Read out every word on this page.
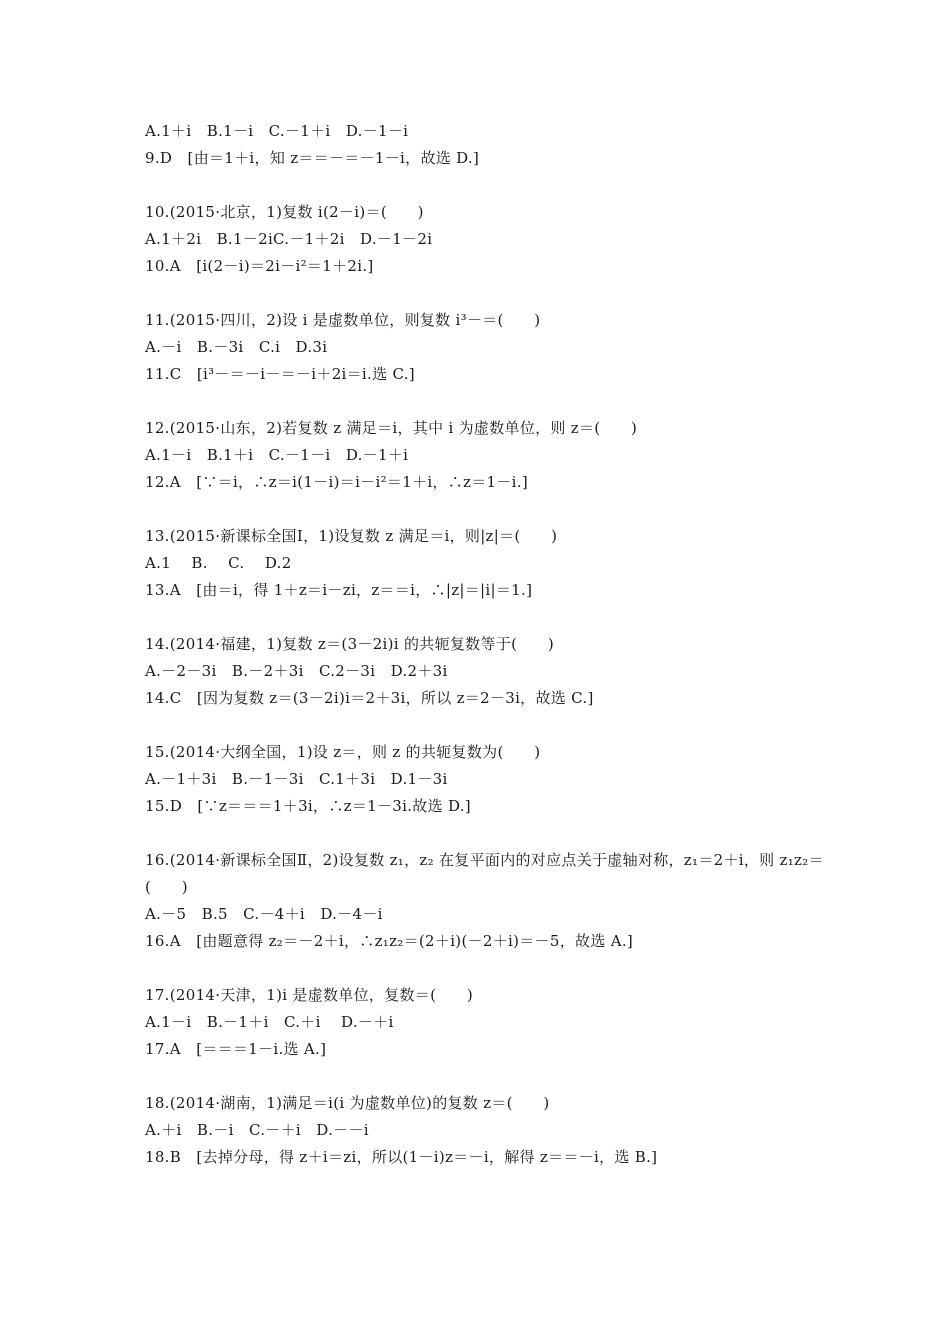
A.1＋i　B.1－i　C.－1＋i　D.－1－i
9.D　[由＝1＋i，知 z＝＝－＝－1－i，故选 D.]
10.(2015·北京，1)复数 i(2－i)＝(　　)
A.1＋2i　B.1－2iC.－1＋2i　D.－1－2i
10.A　[i(2－i)＝2i－i²＝1＋2i.]
11.(2015·四川，2)设 i 是虚数单位，则复数 i³－＝(　　)
A.－i　B.－3i　C.i　D.3i
11.C　[i³－＝－i－＝－i＋2i＝i.选 C.]
12.(2015·山东，2)若复数 z 满足＝i，其中 i 为虚数单位，则 z＝(　　)
A.1－i　B.1＋i　C.－1－i　D.－1＋i
12.A　[∵＝i，∴z＝i(1－i)＝i－i²＝1＋i，∴z＝1－i.]
13.(2015·新课标全国Ⅰ，1)设复数 z 满足＝i，则|z|＝(　　)
A.1　 B.　 C.　 D.2
13.A　[由＝i，得 1＋z＝i－zi，z＝＝i，∴|z|＝|i|＝1.]
14.(2014·福建，1)复数 z＝(3－2i)i 的共轭复数等于(　　)
A.－2－3i　B.－2＋3i　C.2－3i　D.2＋3i
14.C　[因为复数 z＝(3－2i)i＝2＋3i，所以 z＝2－3i，故选 C.]
15.(2014·大纲全国，1)设 z＝，则 z 的共轭复数为(　　)
A.－1＋3i　B.－1－3i　C.1＋3i　D.1－3i
15.D　[∵z＝＝＝1＋3i，∴z＝1－3i.故选 D.]
16.(2014·新课标全国Ⅱ，2)设复数 z₁，z₂ 在复平面内的对应点关于虚轴对称，z₁＝2＋i，则 z₁z₂＝(　　)
A.－5　B.5　C.－4＋i　D.－4－i
16.A　[由题意得 z₂＝－2＋i，∴z₁z₂＝(2＋i)(－2＋i)＝－5，故选 A.]
17.(2014·天津，1)i 是虚数单位，复数＝(　　)
A.1－i　B.－1＋i　C.＋i　 D.－＋i
17.A　[＝＝＝1－i.选 A.]
18.(2014·湖南，1)满足＝i(i 为虚数单位)的复数 z＝(　　)
A.＋i　B.－i　C.－＋i　D.－－i
18.B　[去掉分母，得 z＋i＝zi，所以(1－i)z＝－i，解得 z＝＝－i，选 B.]
